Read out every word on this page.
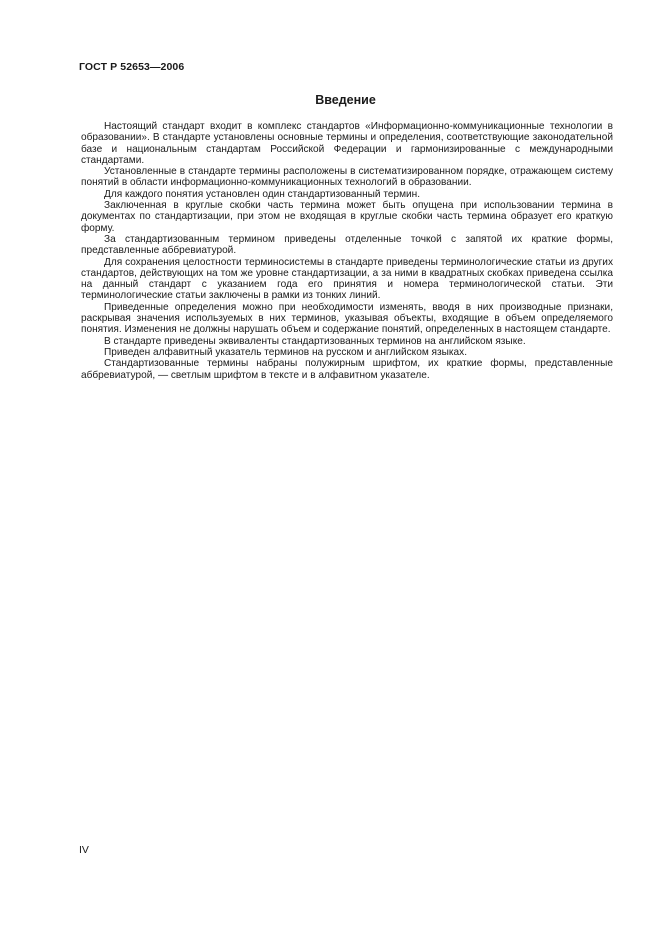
ГОСТ Р 52653—2006
Введение

Настоящий стандарт входит в комплекс стандартов «Информационно-коммуникационные технологии в образовании». В стандарте установлены основные термины и определения, соответствующие законодательной базе и национальным стандартам Российской Федерации и гармонизированные с международными стандартами.

Установленные в стандарте термины расположены в систематизированном порядке, отражающем систему понятий в области информационно-коммуникационных технологий в образовании.

Для каждого понятия установлен один стандартизованный термин.

Заключенная в круглые скобки часть термина может быть опущена при использовании термина в документах по стандартизации, при этом не входящая в круглые скобки часть термина образует его краткую форму.

За стандартизованным термином приведены отделенные точкой с запятой их краткие формы, представленные аббревиатурой.

Для сохранения целостности терминосистемы в стандарте приведены терминологические статьи из других стандартов, действующих на том же уровне стандартизации, а за ними в квадратных скобках приведена ссылка на данный стандарт с указанием года его принятия и номера терминологической статьи. Эти терминологические статьи заключены в рамки из тонких линий.

Приведенные определения можно при необходимости изменять, вводя в них производные признаки, раскрывая значения используемых в них терминов, указывая объекты, входящие в объем определяемого понятия. Изменения не должны нарушать объем и содержание понятий, определенных в настоящем стандарте.

В стандарте приведены эквиваленты стандартизованных терминов на английском языке.

Приведен алфавитный указатель терминов на русском и английском языках.

Стандартизованные термины набраны полужирным шрифтом, их краткие формы, представленные аббревиатурой, — светлым шрифтом в тексте и в алфавитном указателе.

IV
